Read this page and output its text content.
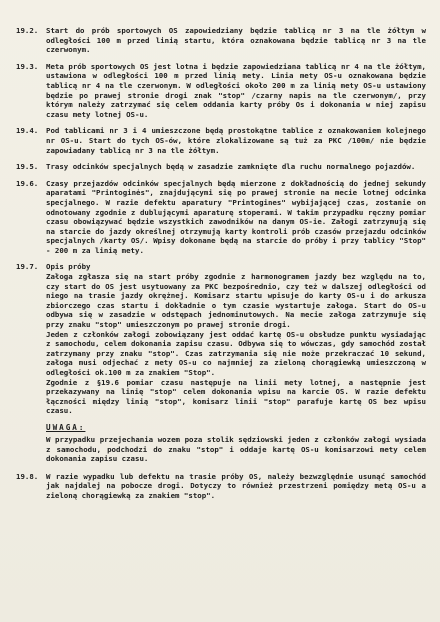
19.2.	Start do prób sportowych OS zapowiedziany będzie tablicą nr 3 na tle żółtym w odległości 100 m przed linią startu, która oznakowana będzie tablicą nr 3 na tle czerwonym.

19.3.	Meta prób sportowych OS jest lotna i będzie zapowiedziana tablicą nr 4 na tle żółtym, ustawiona w odległości 100 m przed linią mety. Linia mety OS-u oznakowana będzie tablicą nr 4 na tle czerwonym. W odległości około 200 m za linią mety OS-u ustawiony będzie po prawej stronie drogi znak "stop" /czarny napis na tle czerwonym/, przy którym należy zatrzymać się celem oddania karty próby Os i dokonania w niej zapisu czasu mety lotnej OS-u.

19.4.	Pod tablicami nr 3 i 4 umieszczone będą prostokątne tablice z oznakowaniem kolejnego nr OS-u. Start do tych OS-ów, które zlokalizowane są tuż za PKC /100m/ nie będzie zapowiadany tablicą nr 3 na tle żółtym.

19.5.	Trasy odcinków specjalnych będą w zasadzie zamknięte dla ruchu normalnego pojazdów.

19.6.	Czasy przejazdów odcinków specjalnych będą mierzone z dokładnością do jednej sekundy aparatami "Printoginės", znajdującymi się po prawej stronie na mecie lotnej odcinka specjalnego. W razie defektu aparatury "Printogines" wybijającej czas, zostanie on odnotowany zgodnie z dublującymi aparaturę stoperami. W takim przypadku ręczny pomiar czasu obowiązywać będzie wszystkich zawodników na danym OS-ie. Załogi zatrzymują się na starcie do jazdy określnej otrzymują karty kontroli prób czasów przejazdu odcinków specjalnych /karty OS/. Wpisy dokonane będą na starcie do próby i przy tablicy "Stop" - 200 m za linią mety.

19.7.	Opis próby
Załoga zgłasza się na start próby zgodnie z harmonogramem jazdy bez względu na to, czy start do OS jest usytuowany za PKC bezpośrednio, czy też w dalszej odległości od niego na trasie jazdy okrężnej. Komisarz startu wpisuje do karty OS-u i do arkusza zbiorczego czas startu i dokładnie o tym czasie wystartuje załoga. Start do OS-u odbywa się w zasadzie w odstępach jednominutowych. Na mecie załoga zatrzymuje się przy znaku "stop" umieszczonym po prawej stronie drogi.
Jeden z członków załogi zobowiązany jest oddać kartę OS-u obsłudze punktu wysiadając z samochodu, celem dokonania zapisu czasu. Odbywa się to wówczas, gdy samochód został zatrzymany przy znaku "stop". Czas zatrzymania się nie może przekraczać 10 sekund, załoga musi odjechać z mety OS-u co najmniej za zieloną chorągiewką umieszczoną w odległości ok.100 m za znakiem "Stop".
Zgodnie z §19.6 pomiar czasu następuje na linii mety lotnej, a następnie jest przekazywany na linię "stop" celem dokonania wpisu na karcie OS. W razie defektu łączności między linią "stop", komisarz linii "stop" parafuje kartę OS bez wpisu czasu.

UWAGA:

W przypadku przejechania wozem poza stolik sędziowski jeden z członków załogi wysiada z samochodu, podchodzi do znaku "stop" i oddaje kartę OS-u komisarzowi mety celem dokonania zapisu czasu.

19.8.	W razie wypadku lub defektu na trasie próby OS, należy bezwzględnie usunąć samochód jak najdalej na pobocze drogi. Dotyczy to również przestrzeni pomiędzy metą OS-u a zieloną chorągiewką za znakiem "stop".
